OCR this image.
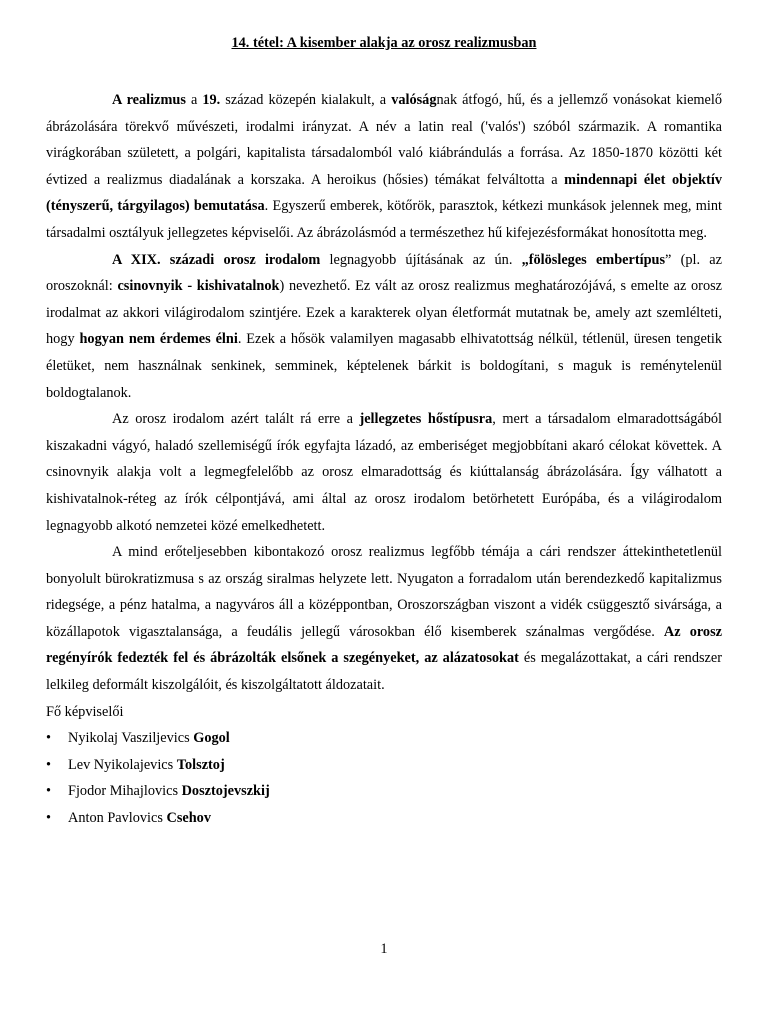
14. tétel: A kisember alakja az orosz realizmusban

A realizmus a 19. század közepén kialakult, a valóságnak átfogó, hű, és a jellemző vonásokat kiemelő ábrázolására törekvő művészeti, irodalmi irányzat. A név a latin real ('valós') szóból származik. A romantika virágkorában született, a polgári, kapitalista társadalomból való kiábrándulás a forrása. Az 1850-1870 közötti két évtized a realizmus diadalának a korszaka. A heroikus (hősies) témákat felváltotta a mindennapi élet objektív (tényszerű, tárgyilagos) bemutatása. Egyszerű emberek, kötőrök, parasztok, kétkezi munkások jelennek meg, mint társadalmi osztályuk jellegzetes képviselői. Az ábrázolásmód a természethez hű kifejezésformákat honosította meg.

A XIX. századi orosz irodalom legnagyobb újításának az ún. „fölösleges embertípus” (pl. az oroszoknál: csinovnyik - kishivatalnok) nevezhető. Ez vált az orosz realizmus meghatározójává, s emelte az orosz irodalmat az akkori világirodalom szintjére. Ezek a karakterek olyan életformát mutatnak be, amely azt szemlélteti, hogy hogyan nem érdemes élni. Ezek a hősök valamilyen magasabb elhivatottság nélkül, tétlenül, üresen tengetik életüket, nem használnak senkinek, semminek, képtelenek bárkit is boldogítani, s maguk is reménytelenül boldogtalanok.

Az orosz irodalom azért talált rá erre a jellegzetes hőstípusra, mert a társadalom elmaradottságából kiszakadni vágyó, haladó szellemiségű írók egyfajta lázadó, az emberiséget megjobbítani akaró célokat követtek. A csinovnyik alakja volt a legmegfelelőbb az orosz elmaradottság és kiúttalanság ábrázolására. Így válhatott a kishivatalnok-réteg az írók célpontjává, ami által az orosz irodalom betörhetett Európába, és a világirodalom legnagyobb alkotó nemzetei közé emelkedhetett.

A mind erőteljesebben kibontakozó orosz realizmus legfőbb témája a cári rendszer áttekinthetetlenül bonyolult bürokratizmusa s az ország siralmas helyzete lett. Nyugaton a forradalom után berendezkedő kapitalizmus ridegsége, a pénz hatalma, a nagyváros áll a középpontban, Oroszországban viszont a vidék csüggesztő sivársága, a közállapotok vigasztalansága, a feudális jellegű városokban élő kisemberek szánalmas vergődése. Az orosz regényírók fedezték fel és ábrázolták elsőnek a szegényeket, az alázatosokat és megalázottakat, a cári rendszer lelkileg deformált kiszolgálóit, és kiszolgáltatott áldozatait.

Fő képviselői

• Nyikolaj Vaszilјevics Gogol
• Lev Nyikolajevics Tolsztoj
• Fjodor Mihajlovics Dosztojevszkij
• Anton Pavlovics Csehov
1
